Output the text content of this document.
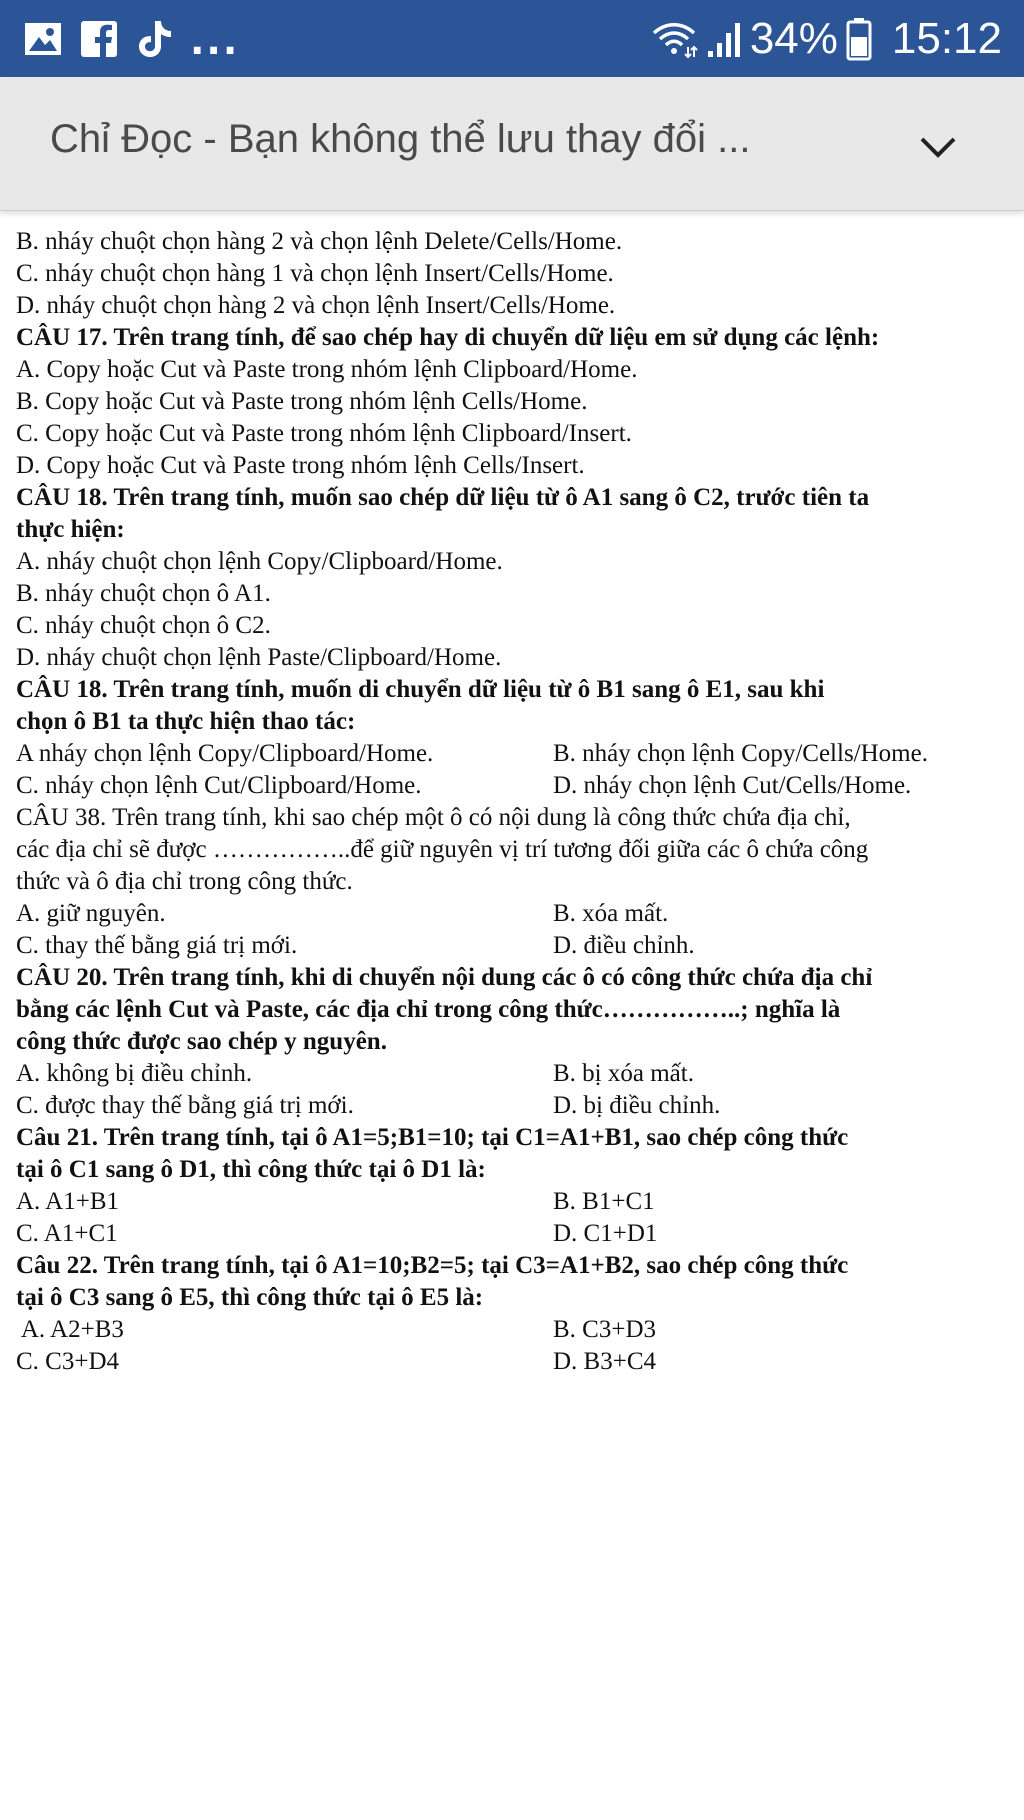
...	34% 15:12
Chỉ Đọc - Bạn không thể lưu thay đổi ...
B. nháy chuột chọn hàng 2 và chọn lệnh Delete/Cells/Home.
C. nháy chuột chọn hàng 1 và chọn lệnh Insert/Cells/Home.
D. nháy chuột chọn hàng 2 và chọn lệnh Insert/Cells/Home.
CÂU 17. Trên trang tính, để sao chép hay di chuyển dữ liệu em sử dụng các lệnh:
A. Copy hoặc Cut và Paste trong nhóm lệnh Clipboard/Home.
B. Copy hoặc Cut và Paste trong nhóm lệnh Cells/Home.
C. Copy hoặc Cut và Paste trong nhóm lệnh Clipboard/Insert.
D. Copy hoặc Cut và Paste trong nhóm lệnh Cells/Insert.
CÂU 18. Trên trang tính, muốn sao chép dữ liệu từ ô A1 sang ô C2, trước tiên ta
thực hiện:
A. nháy chuột chọn lệnh Copy/Clipboard/Home.
B. nháy chuột chọn ô A1.
C. nháy chuột chọn ô C2.
D. nháy chuột chọn lệnh Paste/Clipboard/Home.
CÂU 18. Trên trang tính, muốn di chuyển dữ liệu từ ô B1 sang ô E1, sau khi
chọn ô B1 ta thực hiện thao tác:
A nháy chọn lệnh Copy/Clipboard/Home.	B. nháy chọn lệnh Copy/Cells/Home.
C. nháy chọn lệnh Cut/Clipboard/Home.	D. nháy chọn lệnh Cut/Cells/Home.
CÂU 38. Trên trang tính, khi sao chép một ô có nội dung là công thức chứa địa chỉ,
các địa chỉ sẽ được ……………..để giữ nguyên vị trí tương đối giữa các ô chứa công
thức và ô địa chỉ trong công thức.
A. giữ nguyên.	B. xóa mất.
C. thay thế bằng giá trị mới.	D. điều chỉnh.
CÂU 20. Trên trang tính, khi di chuyển nội dung các ô có công thức chứa địa chỉ
bằng các lệnh Cut và Paste, các địa chỉ trong công thức……………..; nghĩa là
công thức được sao chép y nguyên.
A. không bị điều chỉnh.	B. bị xóa mất.
C. được thay thế bằng giá trị mới.	D. bị điều chỉnh.
Câu 21. Trên trang tính, tại ô A1=5;B1=10; tại C1=A1+B1, sao chép công thức
tại ô C1 sang ô D1, thì công thức tại ô D1 là:
A. A1+B1	B. B1+C1
C. A1+C1	D. C1+D1
Câu 22. Trên trang tính, tại ô A1=10;B2=5; tại C3=A1+B2, sao chép công thức
tại ô C3 sang ô E5, thì công thức tại ô E5 là:
A. A2+B3	B. C3+D3
C. C3+D4	D. B3+C4
